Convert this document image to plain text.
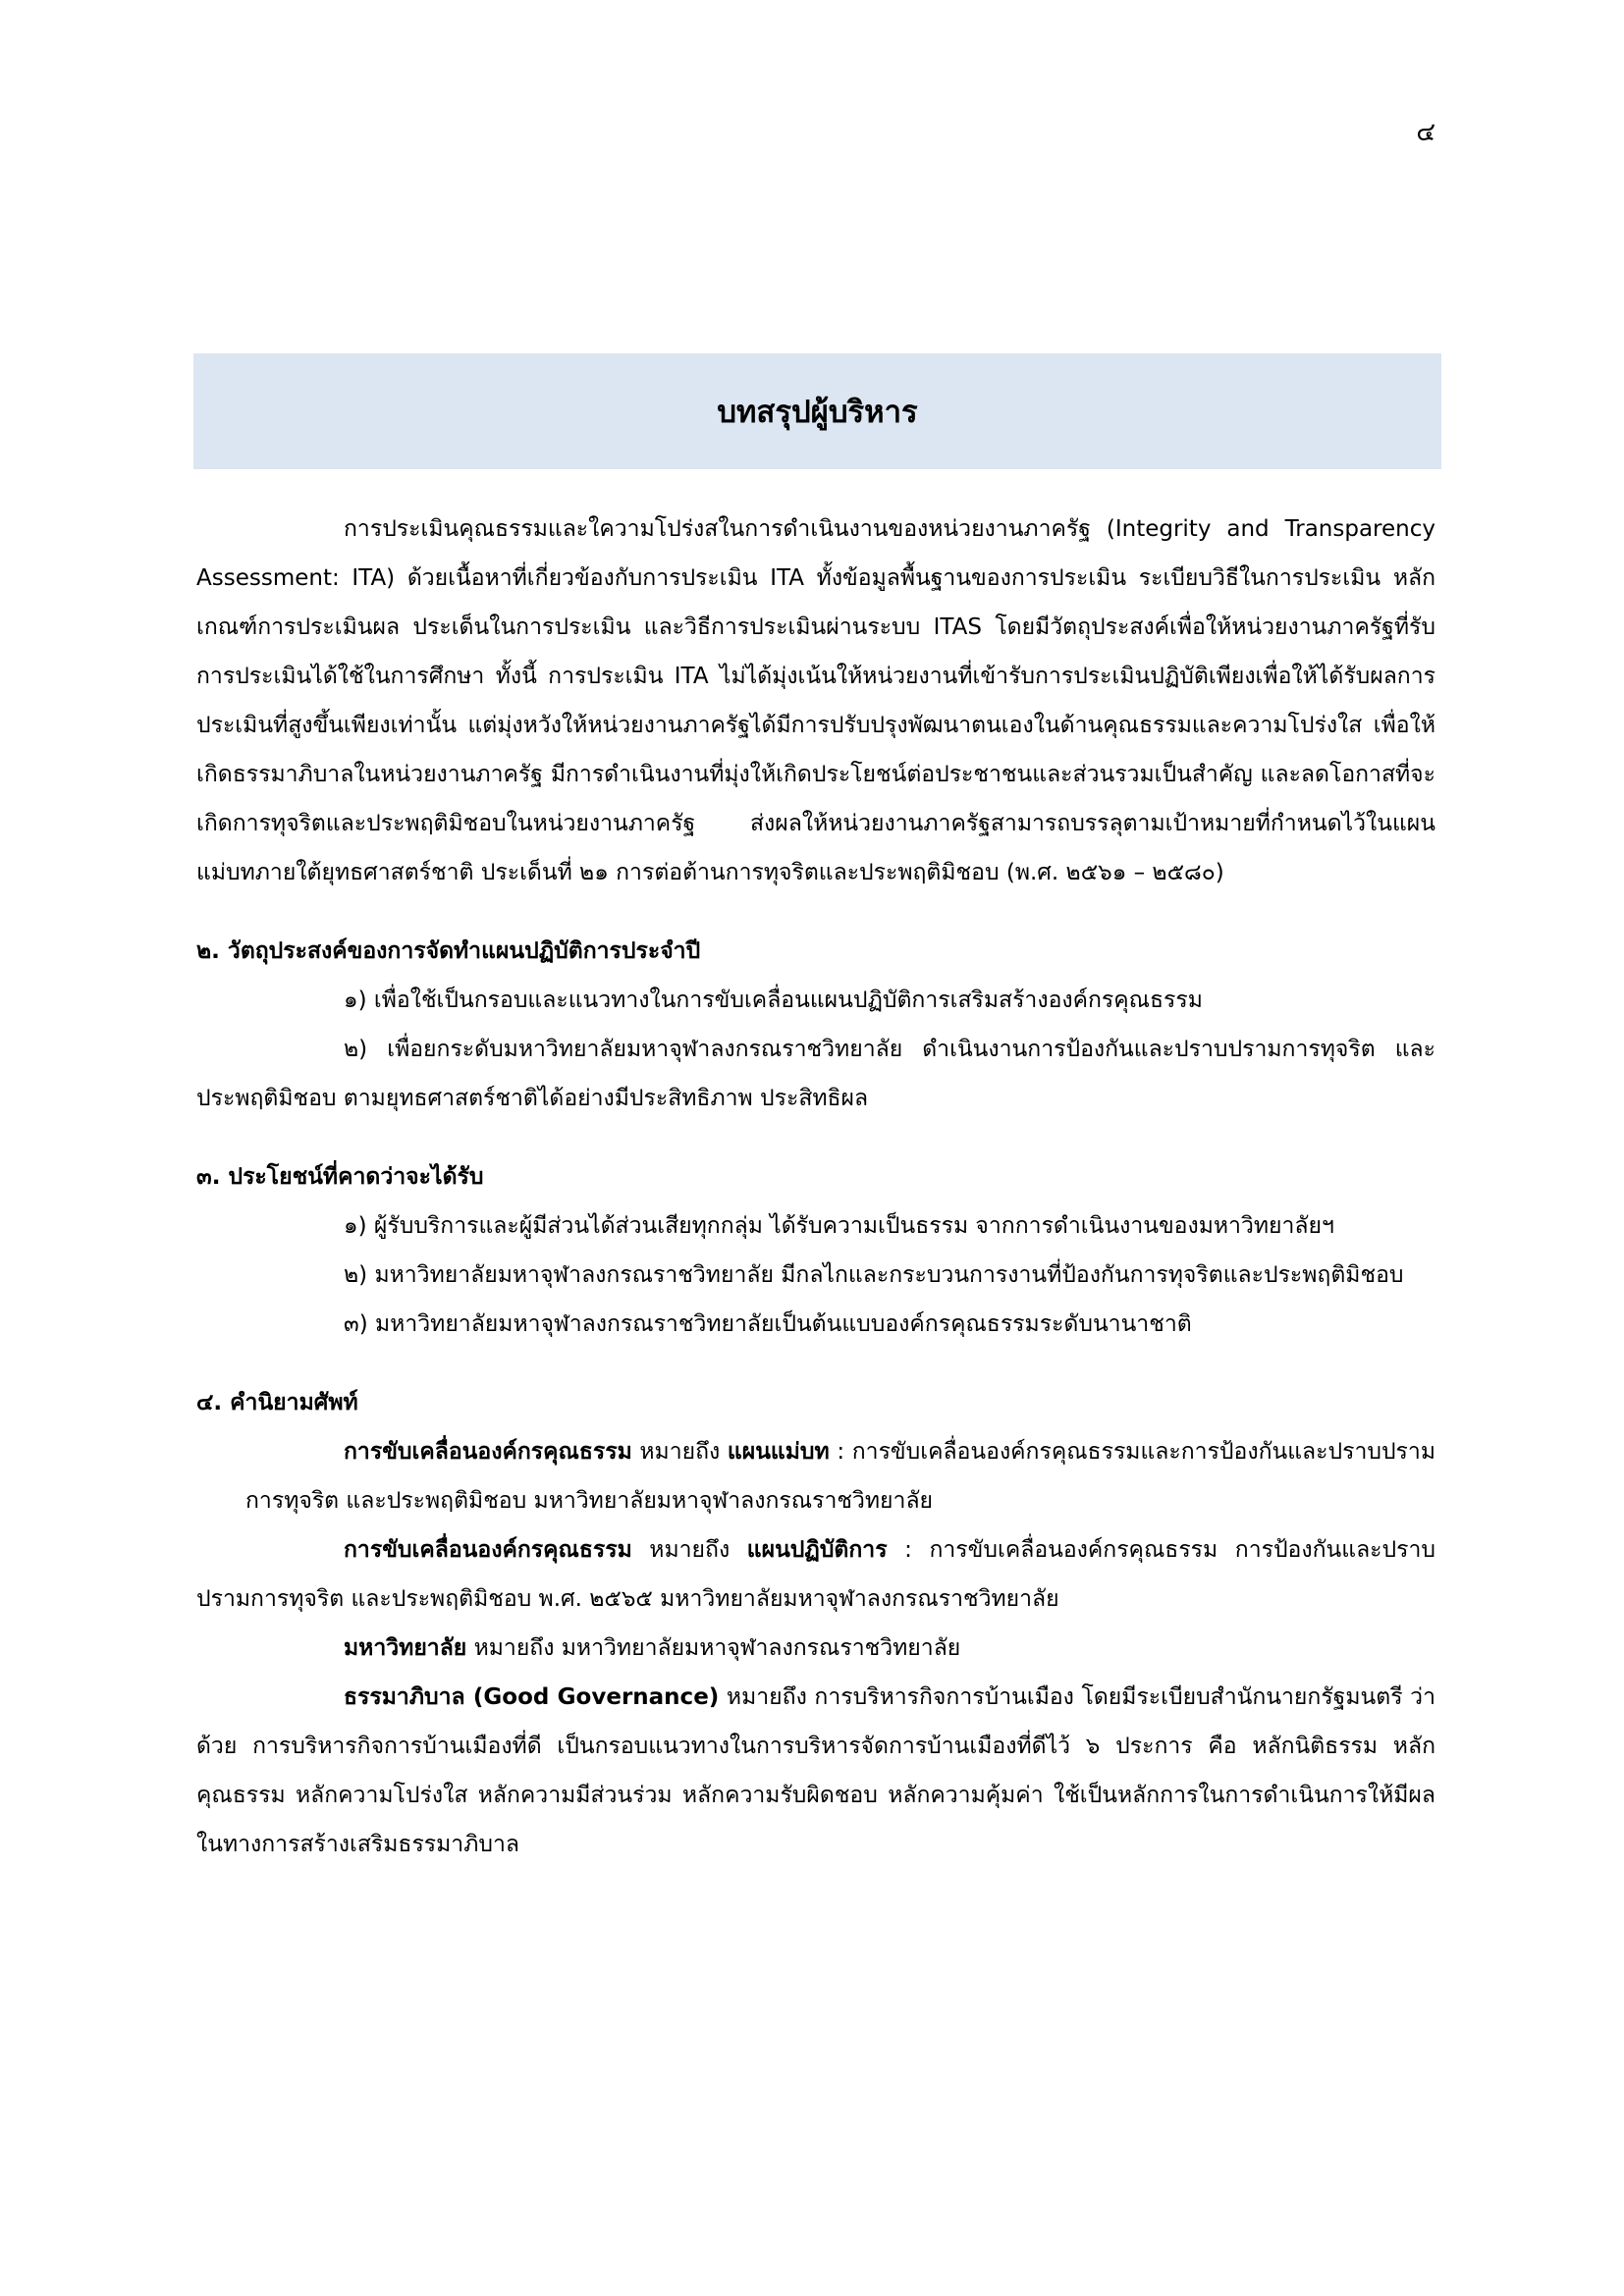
๔
บทสรุปผู้บริหาร

การประเมินคุณธรรมและใความโปร่งสในการดำเนินงานของหน่วยงานภาครัฐ (Integrity and Transparency Assessment: ITA) ด้วยเนื้อหาที่เกี่ยวข้องกับการประเมิน ITA ทั้งข้อมูลพื้นฐานของการประเมิน ระเบียบวิธีในการประเมิน หลักเกณฑ์การประเมินผล ประเด็นในการประเมิน และวิธีการประเมินผ่านระบบ ITAS โดยมีวัตถุประสงค์เพื่อให้หน่วยงานภาครัฐที่รับการประเมินได้ใช้ในการศึกษา ทั้งนี้ การประเมิน ITA ไม่ได้มุ่งเน้นให้หน่วยงานที่เข้ารับการประเมินปฏิบัติเพียงเพื่อให้ได้รับผลการประเมินที่สูงขึ้นเพียงเท่านั้น แต่มุ่งหวังให้หน่วยงานภาครัฐได้มีการปรับปรุงพัฒนาตนเองในด้านคุณธรรมและความโปร่งใส เพื่อให้เกิดธรรมาภิบาลในหน่วยงานภาครัฐ มีการดำเนินงานที่มุ่งให้เกิดประโยชน์ต่อประชาชนและส่วนรวมเป็นสำคัญ และลดโอกาสที่จะเกิดการทุจริตและประพฤติมิชอบในหน่วยงานภาครัฐ ส่งผลให้หน่วยงานภาครัฐสามารถบรรลุตามเป้าหมายที่กำหนดไว้ในแผนแม่บทภายใต้ยุทธศาสตร์ชาติ ประเด็นที่ ๒๑ การต่อต้านการทุจริตและประพฤติมิชอบ (พ.ศ. ๒๕๖๑ – ๒๕๘๐)

๒. วัตถุประสงค์ของการจัดทำแผนปฏิบัติการประจำปี

๑) เพื่อใช้เป็นกรอบและแนวทางในการขับเคลื่อนแผนปฏิบัติการเสริมสร้างองค์กรคุณธรรม

๒) เพื่อยกระดับมหาวิทยาลัยมหาจุฬาลงกรณราชวิทยาลัย ดำเนินงานการป้องกันและปราบปรามการทุจริต และประพฤติมิชอบ ตามยุทธศาสตร์ชาติได้อย่างมีประสิทธิภาพ ประสิทธิผล

๓. ประโยชน์ที่คาดว่าจะได้รับ

๑) ผู้รับบริการและผู้มีส่วนได้ส่วนเสียทุกกลุ่ม ได้รับความเป็นธรรม จากการดำเนินงานของมหาวิทยาลัยฯ

๒) มหาวิทยาลัยมหาจุฬาลงกรณราชวิทยาลัย มีกลไกและกระบวนการงานที่ป้องกันการทุจริตและประพฤติมิชอบ

๓) มหาวิทยาลัยมหาจุฬาลงกรณราชวิทยาลัยเป็นต้นแบบองค์กรคุณธรรมระดับนานาชาติ

๔. คำนิยามศัพท์

การขับเคลื่อนองค์กรคุณธรรม หมายถึง แผนแม่บท : การขับเคลื่อนองค์กรคุณธรรมและการป้องกันและปราบปรามการทุจริต และประพฤติมิชอบ มหาวิทยาลัยมหาจุฬาลงกรณราชวิทยาลัย

การขับเคลื่อนองค์กรคุณธรรม หมายถึง แผนปฏิบัติการ : การขับเคลื่อนองค์กรคุณธรรม การป้องกันและปราบปรามการทุจริต และประพฤติมิชอบ พ.ศ. ๒๕๖๕ มหาวิทยาลัยมหาจุฬาลงกรณราชวิทยาลัย

มหาวิทยาลัย หมายถึง มหาวิทยาลัยมหาจุฬาลงกรณราชวิทยาลัย

ธรรมาภิบาล (Good Governance) หมายถึง การบริหารกิจการบ้านเมือง โดยมีระเบียบสำนักนายกรัฐมนตรี ว่าด้วย การบริหารกิจการบ้านเมืองที่ดี เป็นกรอบแนวทางในการบริหารจัดการบ้านเมืองที่ดีไว้ ๖ ประการ คือ หลักนิติธรรม หลักคุณธรรม หลักความโปร่งใส หลักความมีส่วนร่วม หลักความรับผิดชอบ หลักความคุ้มค่า ใช้เป็นหลักการในการดำเนินการให้มีผลในทางการสร้างเสริมธรรมาภิบาล
